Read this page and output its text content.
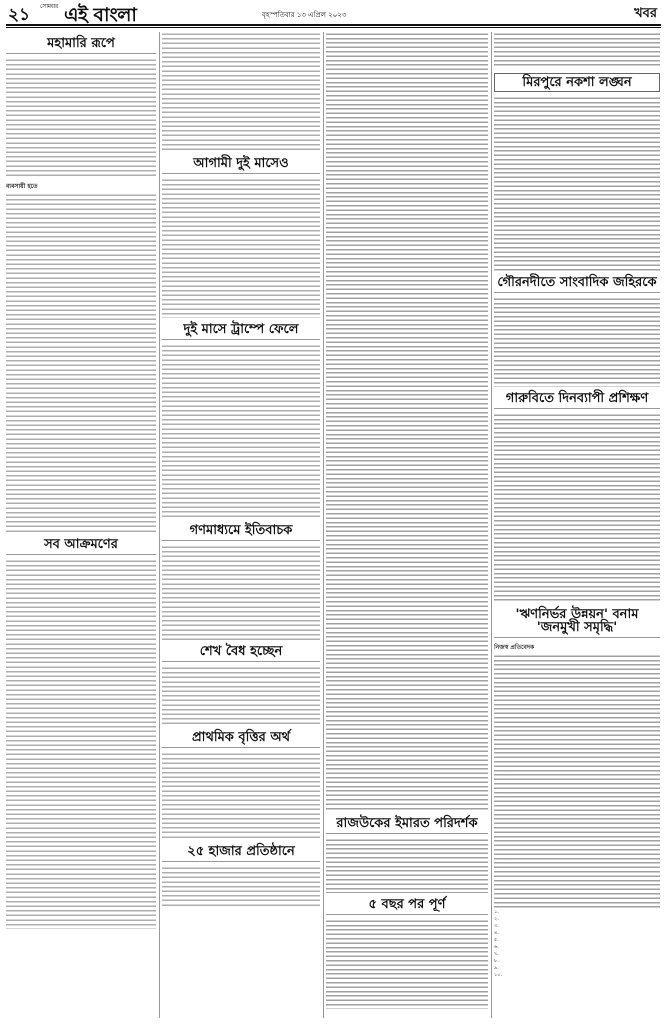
২১ $^{সোমবার}$ এই বাংলা	বৃহস্পতিবার ১৩ এপ্রিল ২০২৩	খবর
মহামারি রূপে
ব্যবসায়ী হতে
সব আক্রমণের
আগামী দুই মাসেও
দুই মাসে ট্রাম্পে ফেলে
গণমাধ্যমে ইতিবাচক
শেখ বৈধ হচ্ছেন
প্রাথমিক বৃত্তির অর্থ
২৫ হাজার প্রতিষ্ঠানে
রাজউকের ইমারত পরিদর্শক
৫ বছর পর পূর্ণ
মিরপুরে নকশা লঙ্ঘন
গৌরনদীতে সাংবাদিক জহিরকে
গারুবিতে দিনব্যাপী প্রশিক্ষণ
'ঋণনির্ভর উন্নয়ন' বনাম 'জনমুখী সমৃদ্ধি'
নিজস্ব প্রতিবেদক
১.
২.
৩.
৪.
৫.
৬.
৭.
৮.
৯.
১০.
